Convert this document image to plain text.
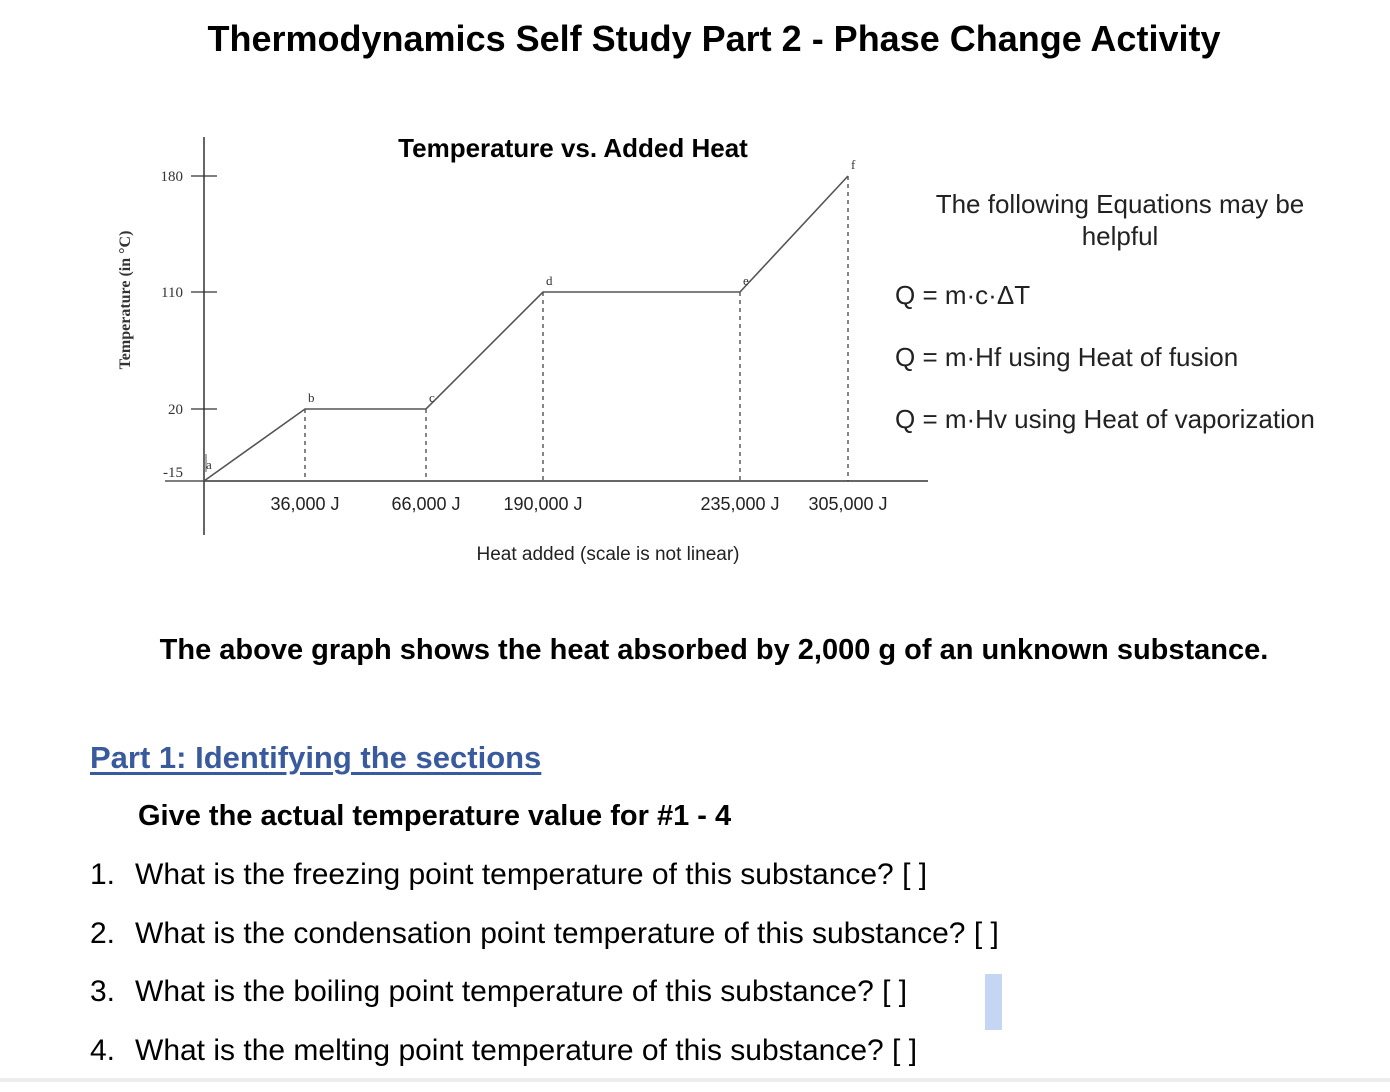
Thermodynamics Self Study Part 2 - Phase Change Activity
180
110
20
-15
36,000 J	66,000 J 190,000 J	235,000 J 305,000 J
a
b	c
d	e
f
Temperature vs. Added Heat
Heat added (scale is not linear)
Temperature (in °C)
The following Equations may be helpful
Q = m·c·ΔT
Q = m·Hf using Heat of fusion
Q = m·Hv using Heat of vaporization
The above graph shows the heat absorbed by 2,000 g of an unknown substance.
Part 1: Identifying the sections
Give the actual temperature value for #1 - 4
1. What is the freezing point temperature of this substance? [ ]
2. What is the condensation point temperature of this substance? [ ]
3. What is the boiling point temperature of this substance? [ ]
4. What is the melting point temperature of this substance? [ ]
